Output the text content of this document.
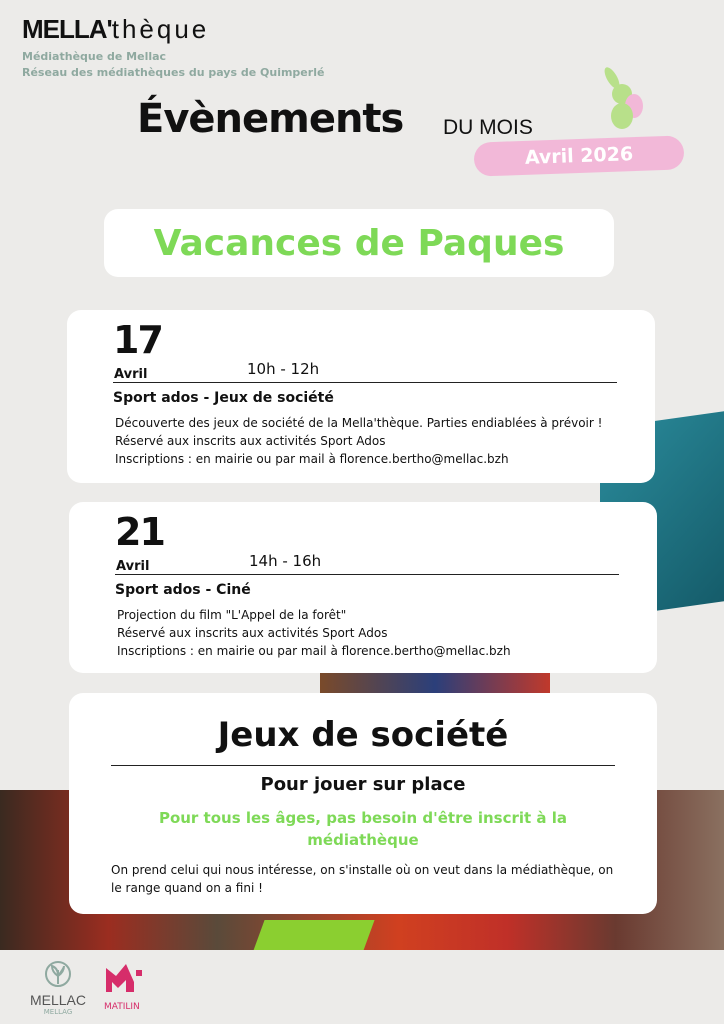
MELLA'thèque
Médiathèque de Mellac
Réseau des médiathèques du pays de Quimperlé
Évènements DU MOIS
Avril 2026
Vacances de Paques
17
Avril	10h - 12h
Sport ados - Jeux de société
Découverte des jeux de société de la Mella'thèque. Parties endiablées à prévoir !
Réservé aux inscrits aux activités Sport Ados
Inscriptions : en mairie ou par mail à florence.bertho@mellac.bzh
21
Avril	14h - 16h
Sport ados - Ciné
Projection du film "L'Appel de la forêt"
Réservé aux inscrits aux activités Sport Ados
Inscriptions : en mairie ou par mail à florence.bertho@mellac.bzh
Jeux de société
Pour jouer sur place
Pour tous les âges, pas besoin d'être inscrit à la médiathèque
On prend celui qui nous intéresse, on s'installe où on veut dans la médiathèque, on le range quand on a fini !
MELLAC
MELLAG	MATILIN
